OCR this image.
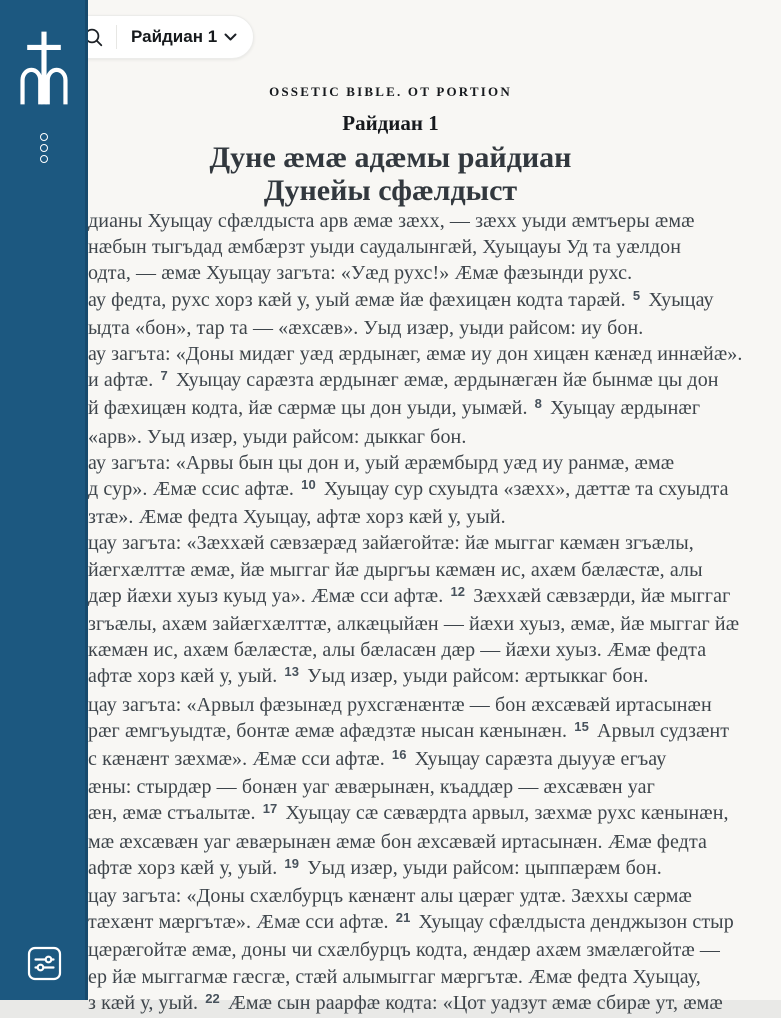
OSSETIC BIBLE. OT PORTION
Райдиан 1
Дуне æмæ адæмы райдиан
Дунейы сфæлдыст
дианы Хуыцау сфæлдыста арв æмæ зæхх, — зæхх уыди æмтъеры æмæ
нæбын тыгъдад æмбæрзт уыди саудалынгæй, Хуыцауы Уд та уæлдон
одта, — æмæ Хуыцау загъта: «Уæд рухс!» Æмæ фæзынди рухс.
ау федта, рухс хорз кæй у, уый æмæ йæ фæхицæн кодта тарæй. $^5$ Хуыцау
ыдта «бон», тар та — «æхсæв». Уыд изæр, уыди райсом: иу бон.
ау загъта: «Доны мидæг уæд æрдынæг, æмæ иу дон хицæн кæнæд иннæйæ».
и афтæ. $^7$ Хуыцау сарæзта æрдынæг æмæ, æрдынæгæн йæ бынмæ цы дон
й фæхицæн кодта, йæ сæрмæ цы дон уыди, уымæй. $^8$ Хуыцау æрдынæг
«арв». Уыд изæр, уыди райсом: дыккаг бон.
ау загъта: «Арвы бын цы дон и, уый æрæмбырд уæд иу ранмæ, æмæ
д сур». Æмæ ссис афтæ. $^{10}$ Хуыцау сур схуыдта «зæхх», дæттæ та схуыдта
зтæ». Æмæ федта Хуыцау, афтæ хорз кæй у, уый.
цау загъта: «Зæххæй сæвзæрæд зайæгойтæ: йæ мыггаг кæмæн згъæлы,
йæгхæлттæ æмæ, йæ мыггаг йæ дыргъы кæмæн ис, ахæм бæлæстæ, алы
дæр йæхи хуыз куыд уа». Æмæ сси афтæ. $^{12}$ Зæххæй сæвзæрди, йæ мыггаг
згъæлы, ахæм зайæгхæлттæ, алкæцыйæн — йæхи хуыз, æмæ, йæ мыггаг йæ
кæмæн ис, ахæм бæлæстæ, алы бæласæн дæр — йæхи хуыз. Æмæ федта
афтæ хорз кæй у, уый. $^{13}$ Уыд изæр, уыди райсом: æртыккаг бон.
цау загъта: «Арвыл фæзынæд рухсгæнæнтæ — бон æхсæвæй иртасынæн
рæг æмгъуыдтæ, бонтæ æмæ афæдзтæ нысан кæнынæн. $^{15}$ Арвыл судзæнт
с кæнæнт зæхмæ». Æмæ сси афтæ. $^{16}$ Хуыцау сарæзта дыууæ егъау
æны: стырдæр — бонæн уаг æвæрынæн, къаддæр — æхсæвæн уаг
æн, æмæ стъалытæ. $^{17}$ Хуыцау сæ сæвæрдта арвыл, зæхмæ рухс кæнынæн,
мæ æхсæвæн уаг æвæрынæн æмæ бон æхсæвæй иртасынæн. Æмæ федта
афтæ хорз кæй у, уый. $^{19}$ Уыд изæр, уыди райсом: цыппæрæм бон.
цау загъта: «Доны схæлбурцъ кæнæнт алы цæрæг удтæ. Зæххы сæрмæ
тæхæнт мæргътæ». Æмæ сси афтæ. $^{21}$ Хуыцау сфæлдыста денджызон стыр
цæрæгойтæ æмæ, доны чи схæлбурцъ кодта, æндæр ахæм змæлæгойтæ —
ер йæ мыггагмæ гæсгæ, стæй алымыггаг мæргътæ. Æмæ федта Хуыцау,
з кæй у, уый. $^{22}$ Æмæ сын раарфæ кодта: «Цот уадзут æмæ сбирæ ут, æмæ
Райдиан 1
